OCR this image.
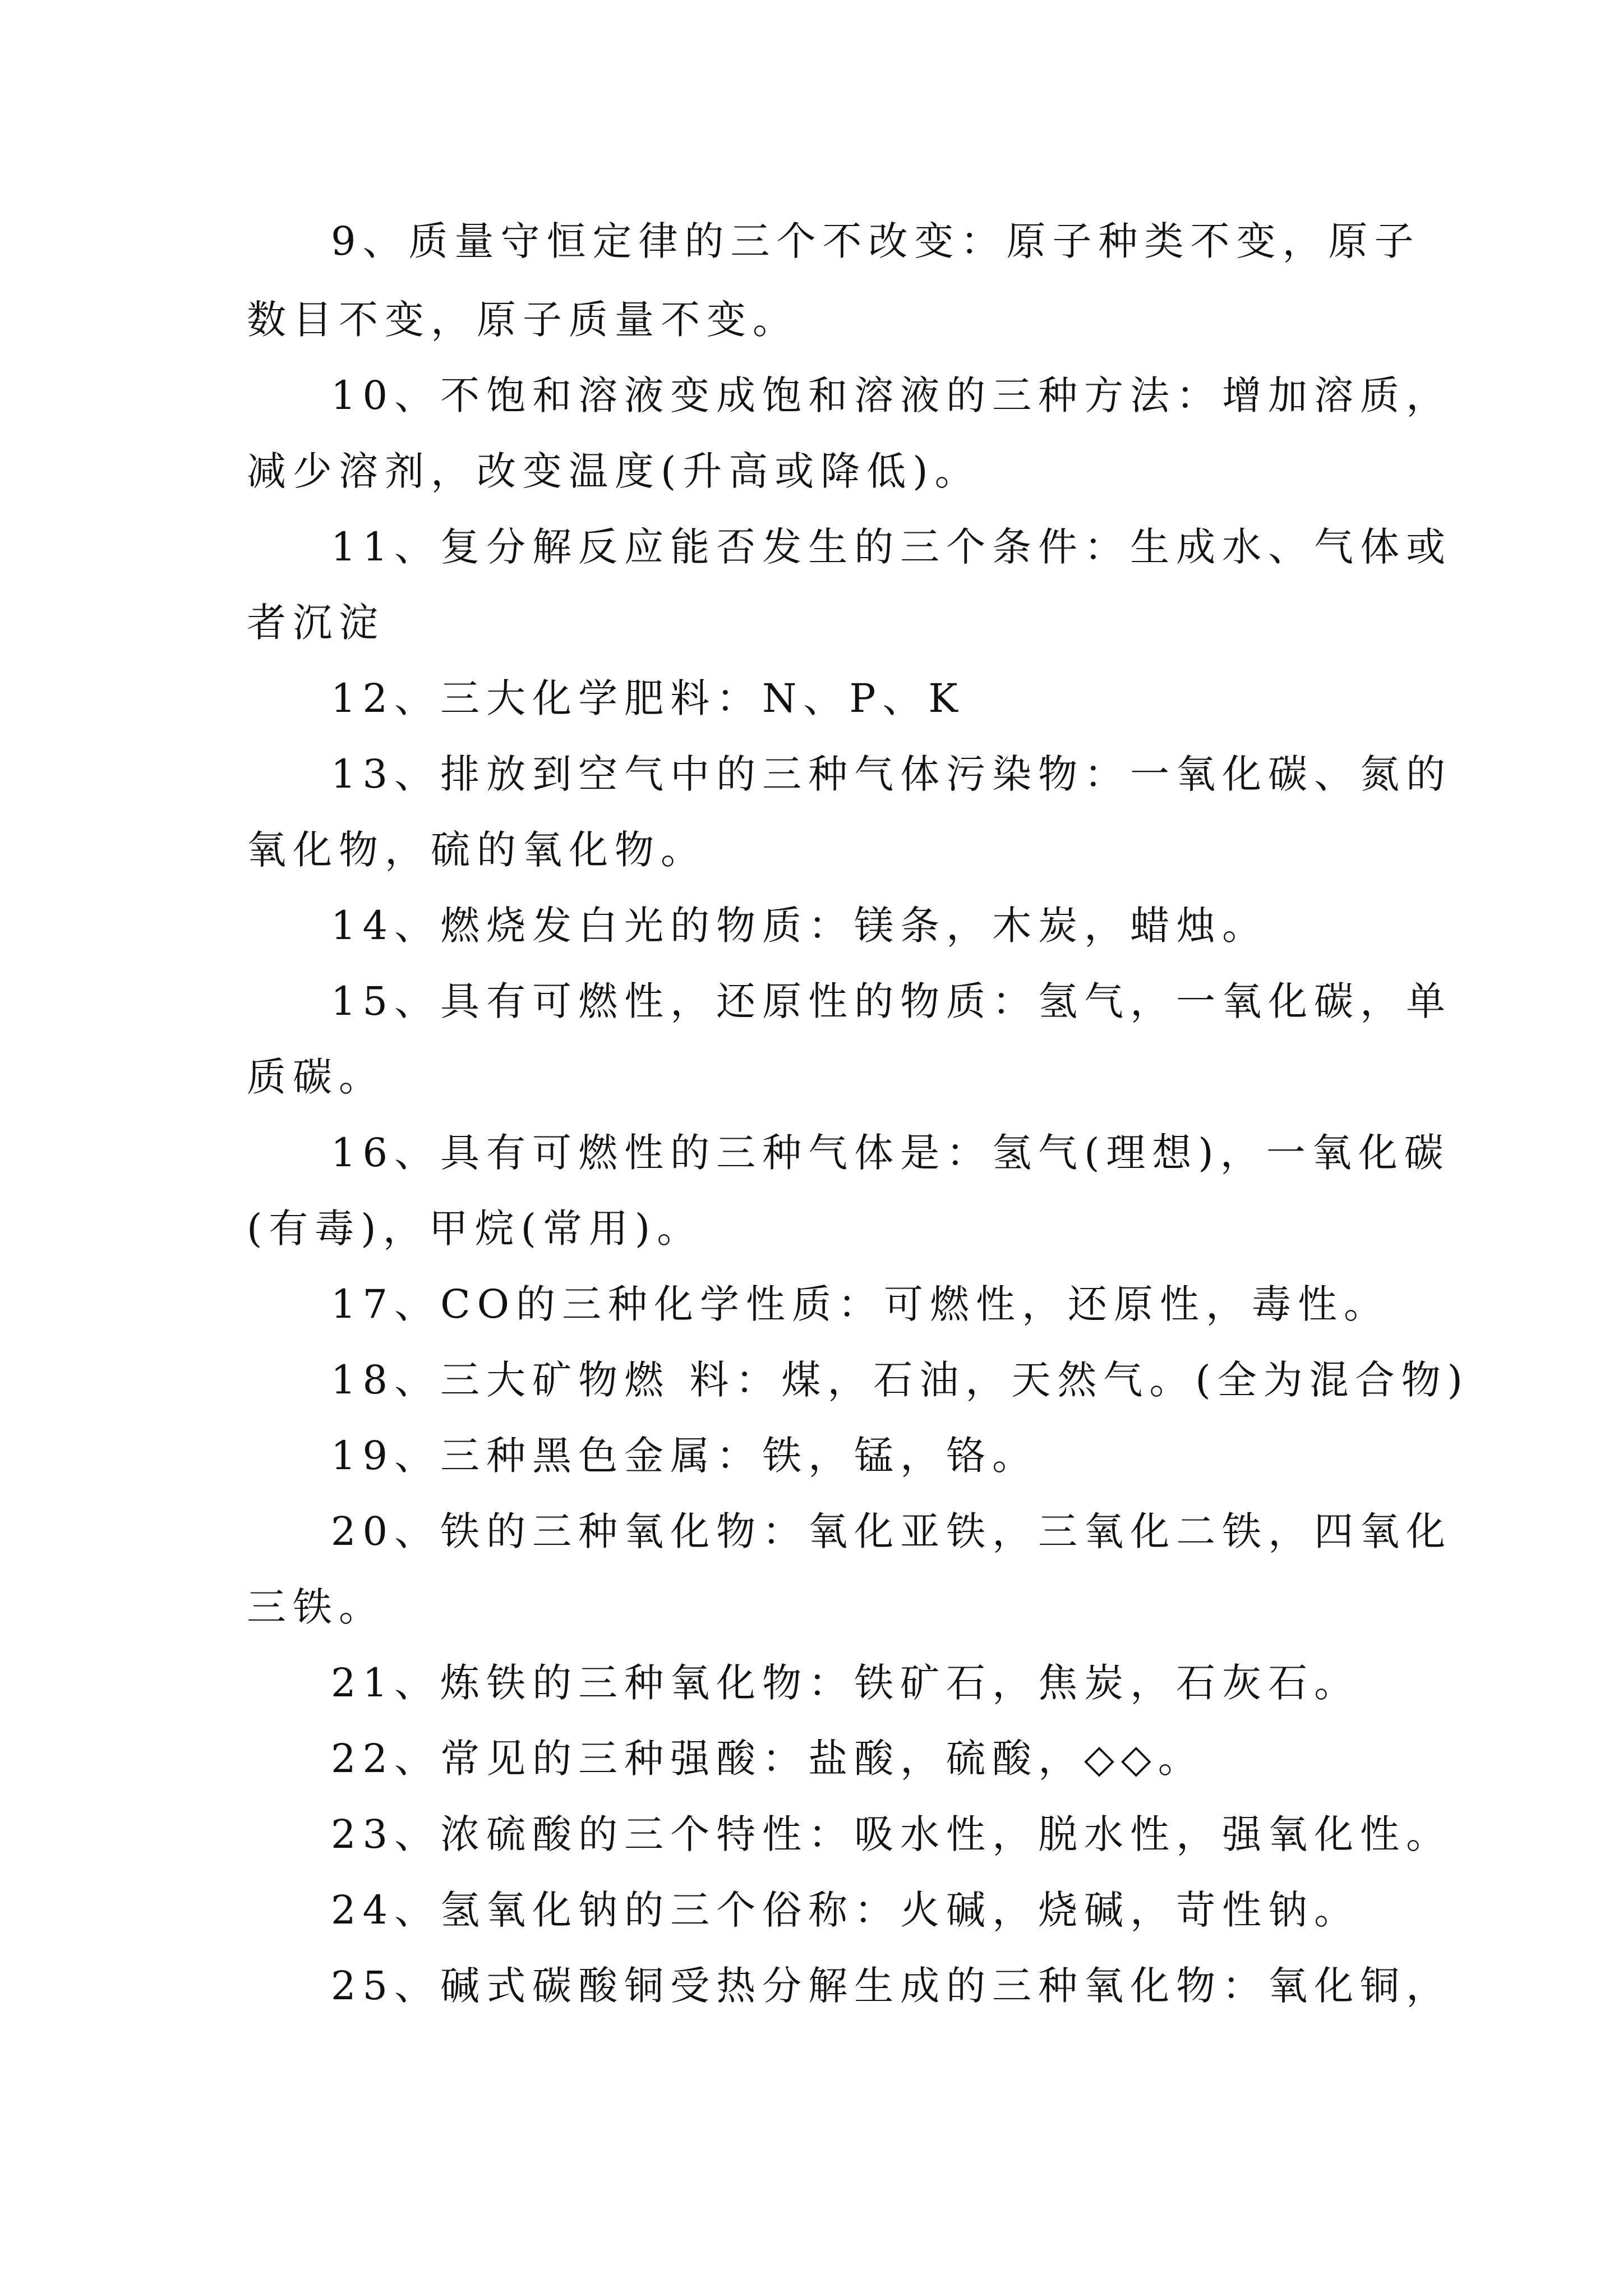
9、质量守恒定律的三个不改变：原子种类不变，原子
数目不变，原子质量不变。
10、不饱和溶液变成饱和溶液的三种方法：增加溶质，
减少溶剂，改变温度(升高或降低)。
11、复分解反应能否发生的三个条件：生成水、气体或
者沉淀
12、三大化学肥料：N、P、K
13、排放到空气中的三种气体污染物：一氧化碳、氮的
氧化物，硫的氧化物。
14、燃烧发白光的物质：镁条，木炭，蜡烛。
15、具有可燃性，还原性的物质：氢气，一氧化碳，单
质碳。
16、具有可燃性的三种气体是：氢气(理想)，一氧化碳
(有毒)，甲烷(常用)。
17、CO的三种化学性质：可燃性，还原性，毒性。
18、三大矿物燃 料：煤，石油，天然气。(全为混合物)
19、三种黑色金属：铁，锰，铬。
20、铁的三种氧化物：氧化亚铁，三氧化二铁，四氧化
三铁。
21、炼铁的三种氧化物：铁矿石，焦炭，石灰石。
22、常见的三种强酸：盐酸，硫酸，◇◇。
23、浓硫酸的三个特性：吸水性，脱水性，强氧化性。
24、氢氧化钠的三个俗称：火碱，烧碱，苛性钠。
25、碱式碳酸铜受热分解生成的三种氧化物：氧化铜，
